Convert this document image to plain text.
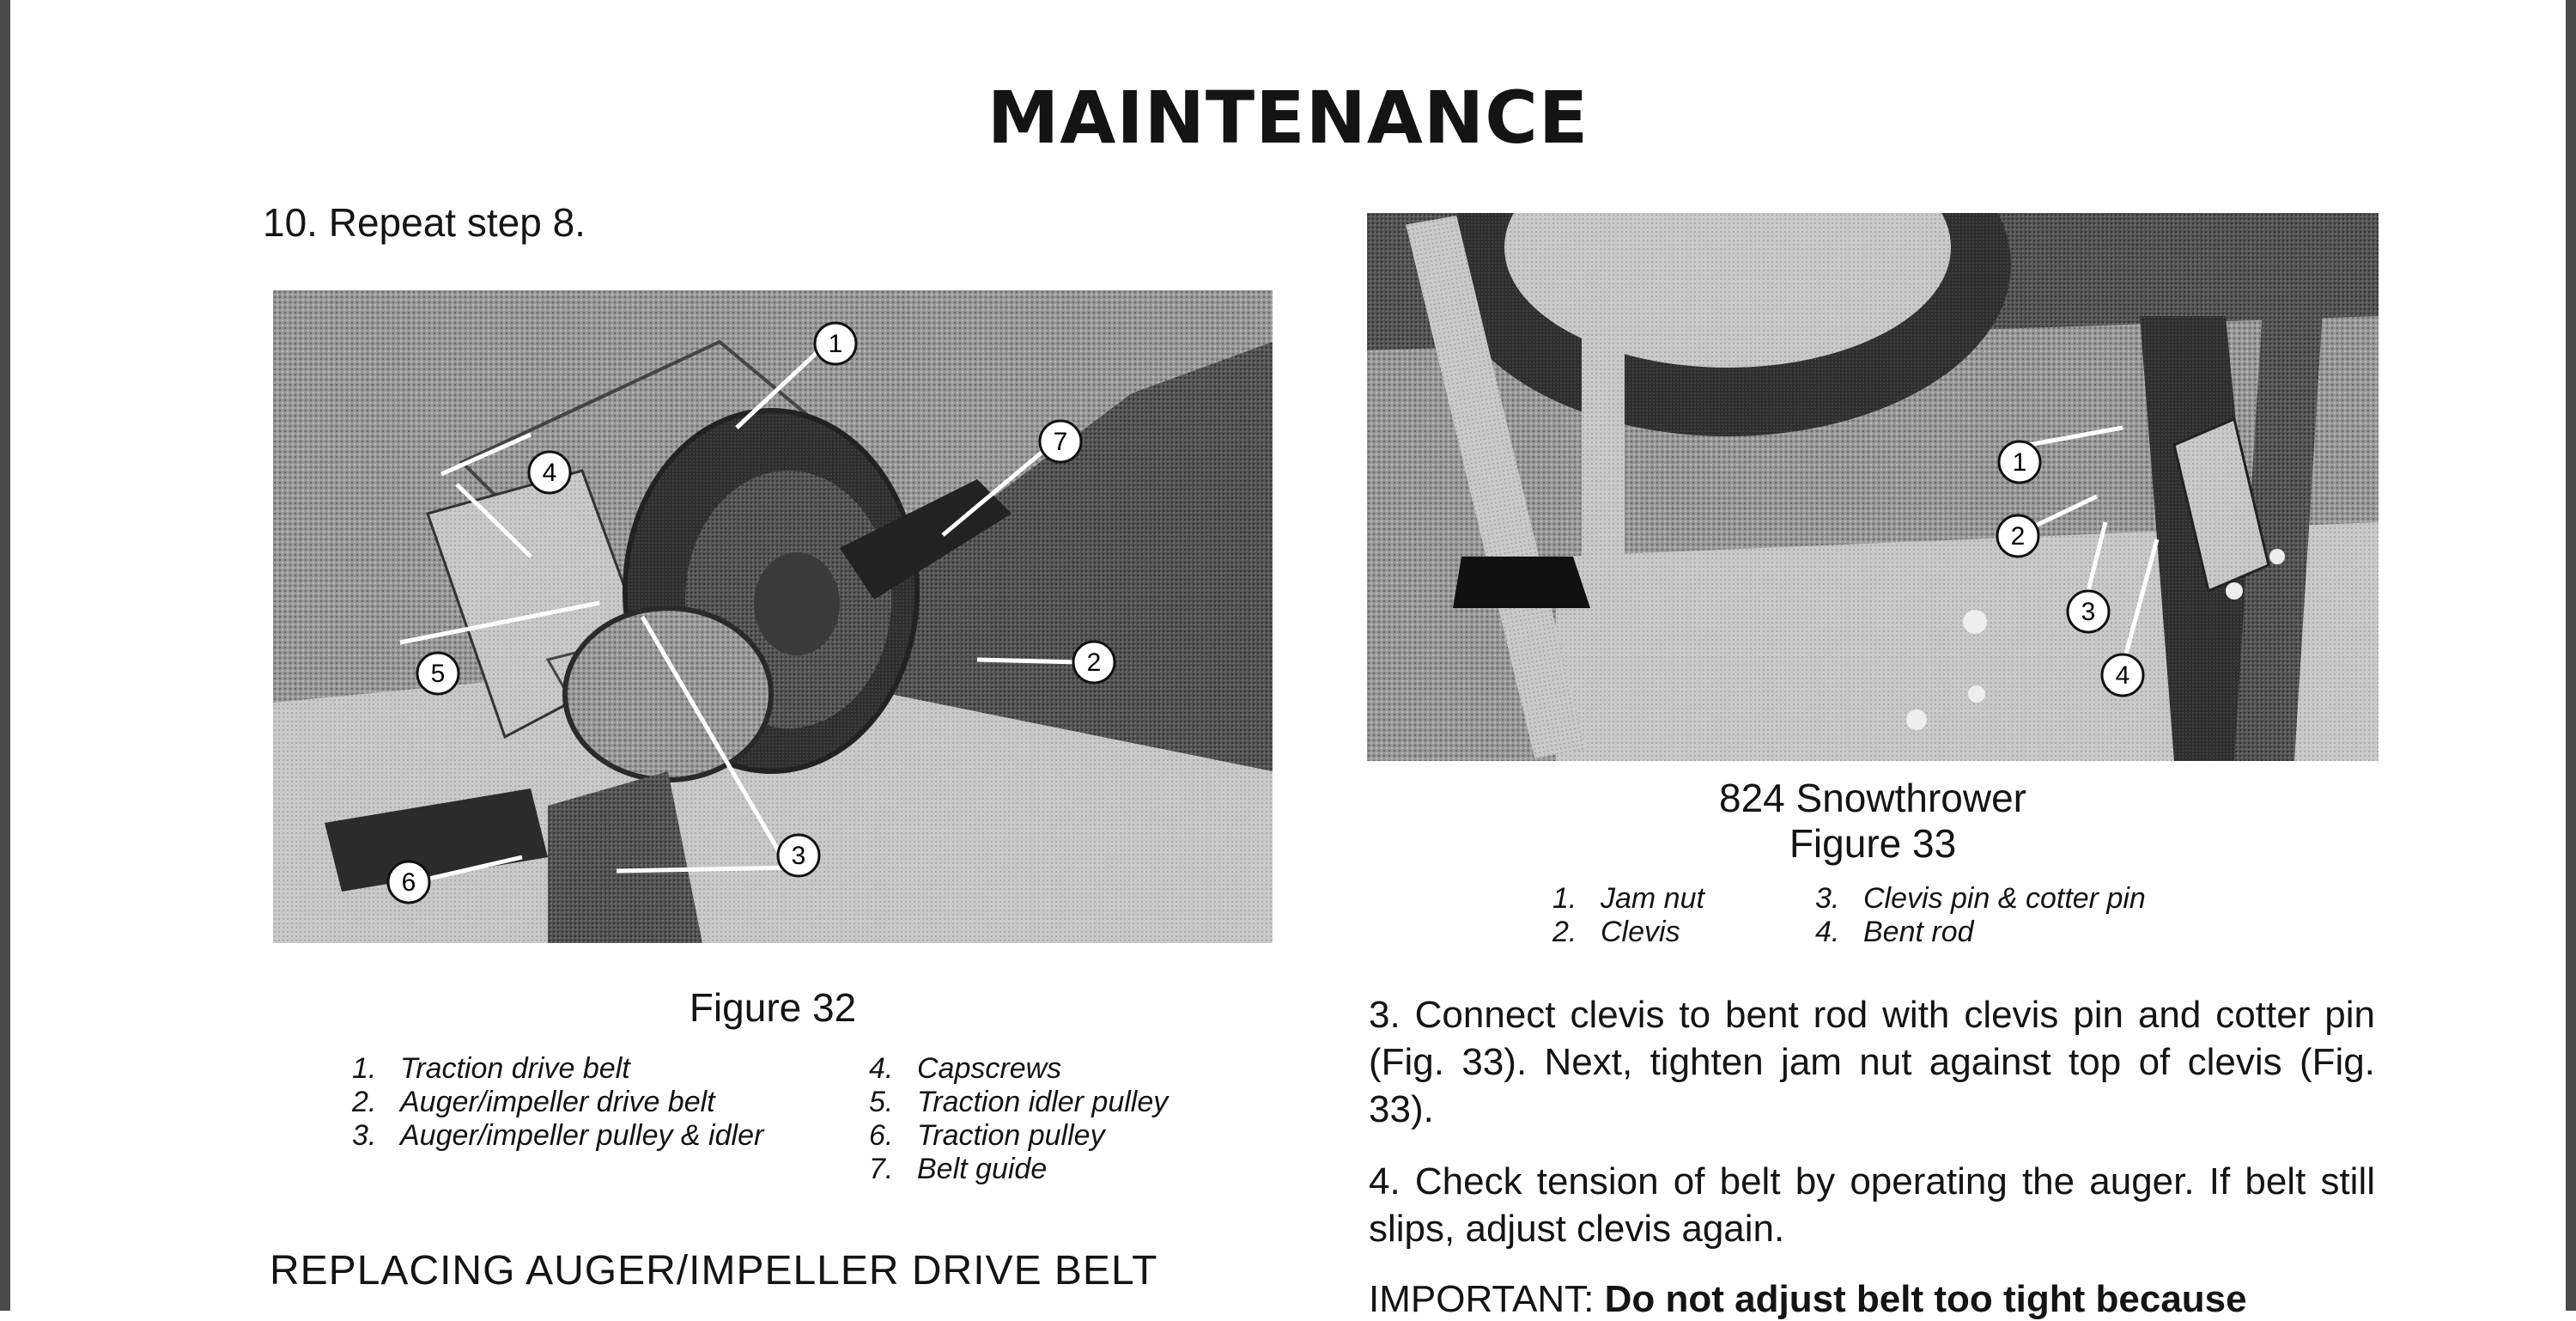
MAINTENANCE
10. Repeat step 8.
1
4
7
2
5
3
6
Figure 32
1. Traction drive belt
2. Auger/impeller drive belt
3. Auger/impeller pulley & idler
4. Capscrews
5. Traction idler pulley
6. Traction pulley
7. Belt guide
REPLACING AUGER/IMPELLER DRIVE BELT
1
2
3
4
824 Snowthrower
Figure 33
1. Jam nut
2. Clevis
3. Clevis pin & cotter pin
4. Bent rod
3. Connect clevis to bent rod with clevis pin and cotter pin (Fig. 33). Next, tighten jam nut against top of clevis (Fig. 33).
4. Check tension of belt by operating the auger. If belt still slips, adjust clevis again.
IMPORTANT: Do not adjust belt too tight because
